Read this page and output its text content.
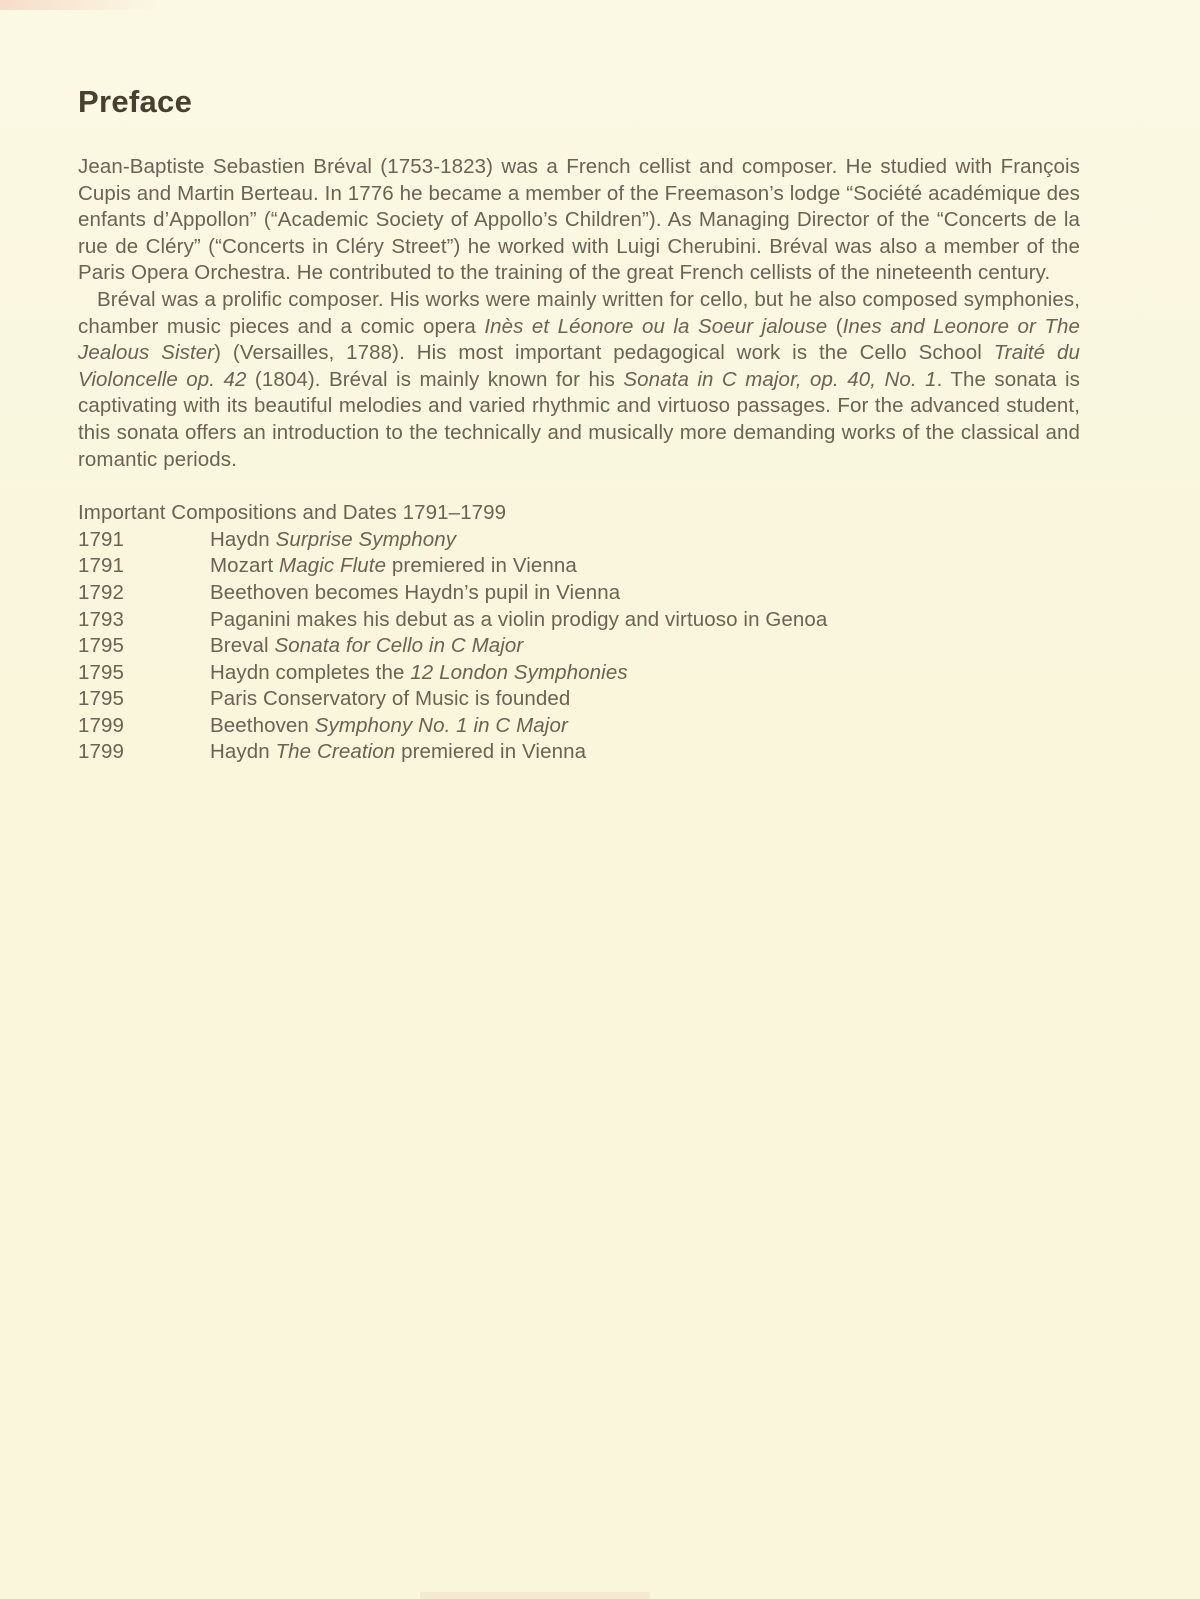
Preface

Jean-Baptiste Sebastien Bréval (1753-1823) was a French cellist and composer. He studied with François Cupis and Martin Berteau. In 1776 he became a member of the Freemason’s lodge “Société académique des enfants d’Appollon” (“Academic Society of Appollo’s Children”). As Managing Director of the “Concerts de la rue de Cléry” (“Concerts in Cléry Street”) he worked with Luigi Cherubini. Bréval was also a member of the Paris Opera Orchestra. He contributed to the training of the great French cellists of the nineteenth century.

Bréval was a prolific composer. His works were mainly written for cello, but he also composed symphonies, chamber music pieces and a comic opera Inès et Léonore ou la Soeur jalouse (Ines and Leonore or The Jealous Sister) (Versailles, 1788). His most important pedagogical work is the Cello School Traité du Violoncelle op. 42 (1804). Bréval is mainly known for his Sonata in C major, op. 40, No. 1. The sonata is captivating with its beautiful melodies and varied rhythmic and virtuoso passages. For the advanced student, this sonata offers an introduction to the technically and musically more demanding works of the classical and romantic periods.

Important Compositions and Dates 1791–1799
1791	Haydn Surprise Symphony
1791	Mozart Magic Flute premiered in Vienna
1792	Beethoven becomes Haydn’s pupil in Vienna
1793	Paganini makes his debut as a violin prodigy and virtuoso in Genoa
1795	Breval Sonata for Cello in C Major
1795	Haydn completes the 12 London Symphonies
1795	Paris Conservatory of Music is founded
1799	Beethoven Symphony No. 1 in C Major
1799	Haydn The Creation premiered in Vienna
